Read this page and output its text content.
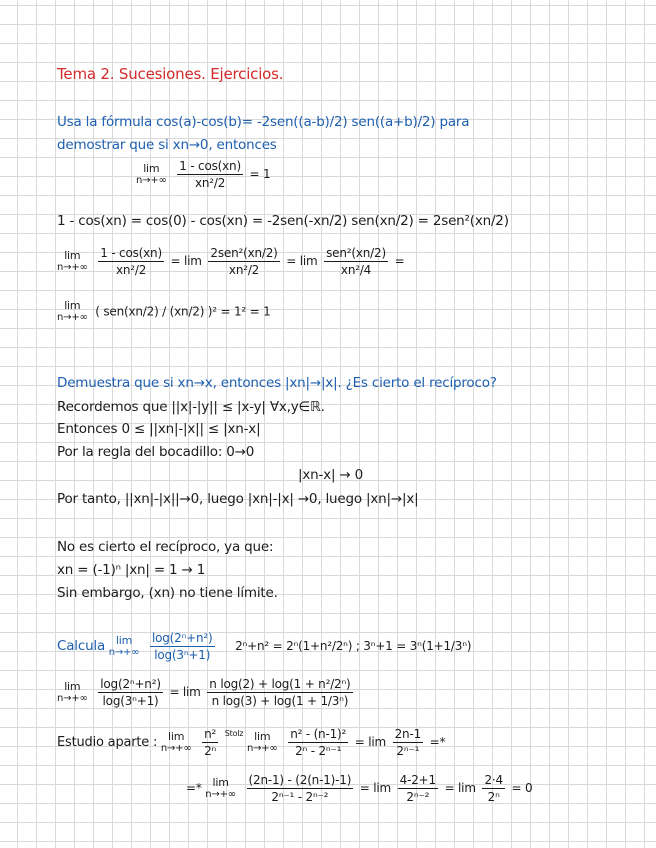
Tema 2. Sucesiones. Ejercicios.
Usa la fórmula cos(a)-cos(b)= -2sen((a-b)/2) sen((a+b)/2) para
demostrar que si xn→0, entonces
lim
n→+∞
$\frac{1 - \cos(xn)}{\text{xn²/2}} = 1$
1 - cos(xn) = cos(0) - cos(xn) = -2sen(-xn/2) sen(xn/2) = 2sen²(xn/2)
lim
n→+∞
$\frac{1 - \cos(xn)}{\text{xn²/2}} = \lim \frac{\text{2sen²(xn/2)}}{\text{xn²/2}} = \lim \frac{\text{sen²(xn/2)}}{\text{xn²/4}}$ =
lim
n→+∞ ( sen(xn/2) / (xn/2) )² = 1² = 1
Demuestra que si xn→x, entonces |xn|→|x|. ¿Es cierto el recíproco?
Recordemos que ||x|-|y|| ≤ |x-y| ∀x,y∈ℝ.
Entonces 0 ≤ ||xn|-|x|| ≤ |xn-x|
Por la regla del bocadillo: 0→0
|xn-x| → 0
Por tanto, ||xn|-|x||→0, luego |xn|-|x| →0, luego |xn|→|x|
No es cierto el recíproco, ya que:
xn = (-1)ⁿ |xn| = 1 → 1
Sin embargo, (xn) no tiene límite.
Calcula lim
n→+∞
$\frac{\text{log(2ⁿ+n²)}}{\text{log(3ⁿ+1)}} 2^n+n^2 = 2^n(1+n^2/2^n)$ ; 3ⁿ+1 = 3ⁿ(1+1/3ⁿ)
lim
n→+∞
$\frac{\text{log(2ⁿ+n²)}}{\text{log(3ⁿ+1)}} = \lim \frac{\text{n log(2) + log(1 + n²/2ⁿ)}}{\text{n log(3) + log(1 + 1/3ⁿ)}}$
Estudio aparte : lim
n→+∞
$\frac{\text{n²}}{\text{2ⁿ}} ^{Stolz}$ lim
n→+∞
$\frac{\text{n² - (n-1)²}}{\text{2ⁿ - 2ⁿ⁻¹}} = \lim \frac{2n-1}{\text{2ⁿ⁻¹}}$ =*
=* lim
n→+∞
$\frac{(2n-1) - (2(n-1)-1)}{\text{2ⁿ⁻¹ - 2ⁿ⁻²}} = \lim \frac{4-2+1}{\text{2ⁿ⁻²}} = \lim \frac{2\cdot 4}{\text{2ⁿ}} = 0$
